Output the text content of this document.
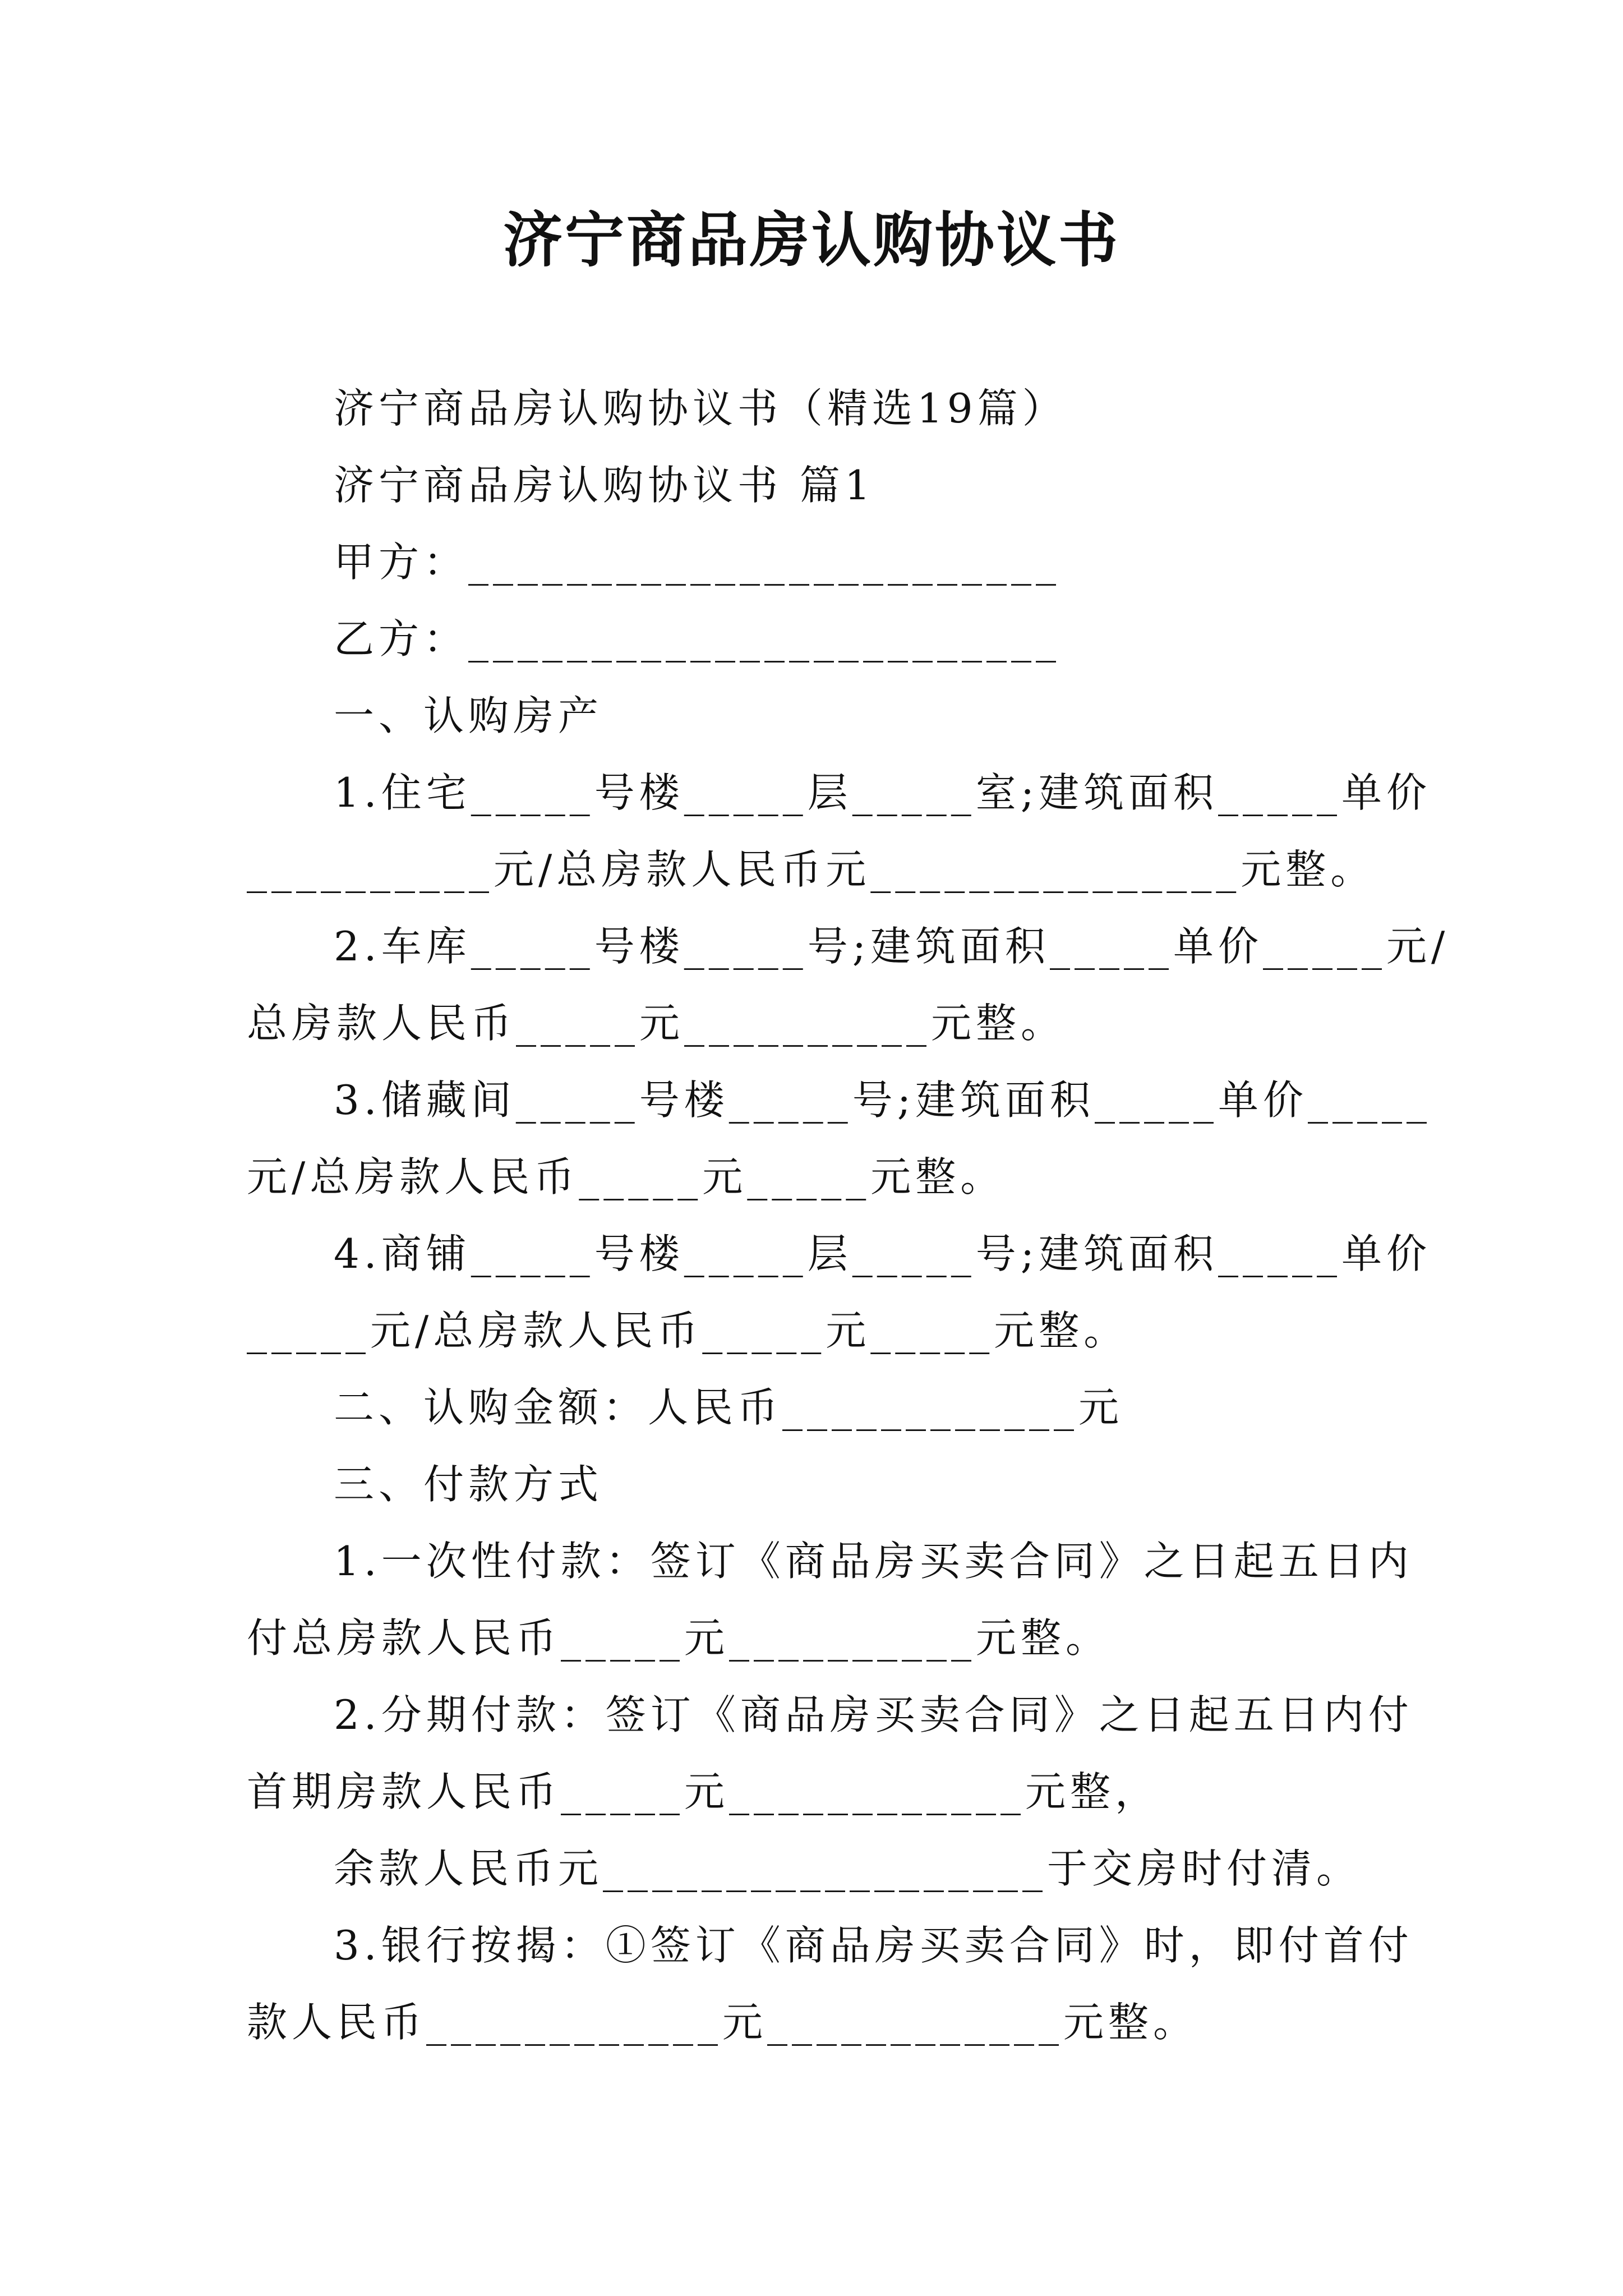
济宁商品房认购协议书
济宁商品房认购协议书（精选19篇）
济宁商品房认购协议书 篇1
甲方：________________________
乙方：________________________
一、认购房产
1.住宅_____号楼_____层_____室;建筑面积_____单价
__________元/总房款人民币元_______________元整。
2.车库_____号楼_____号;建筑面积_____单价_____元/
总房款人民币_____元__________元整。
3.储藏间_____号楼_____号;建筑面积_____单价_____
元/总房款人民币_____元_____元整。
4.商铺_____号楼_____层_____号;建筑面积_____单价
_____元/总房款人民币_____元_____元整。
二、认购金额：人民币____________元
三、付款方式
1.一次性付款：签订《商品房买卖合同》之日起五日内
付总房款人民币_____元__________元整。
2.分期付款：签订《商品房买卖合同》之日起五日内付
首期房款人民币_____元____________元整，
余款人民币元__________________于交房时付清。
3.银行按揭：①签订《商品房买卖合同》时，即付首付
款人民币____________元____________元整。
